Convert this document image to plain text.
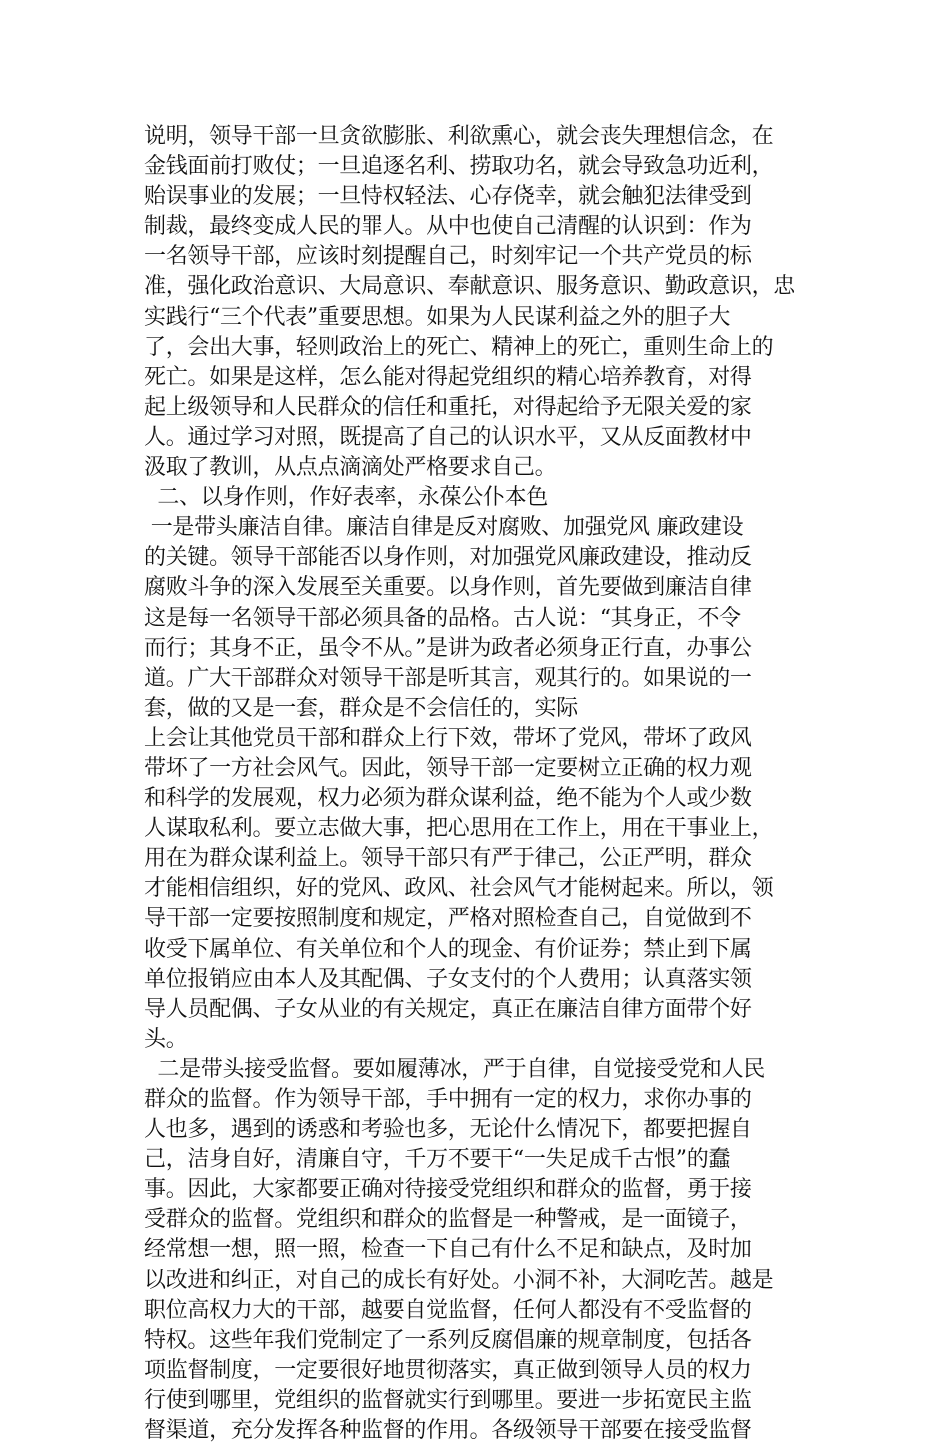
说明，领导干部一旦贪欲膨胀、利欲熏心，就会丧失理想信念，在
金钱面前打败仗；一旦追逐名利、捞取功名，就会导致急功近利，
贻误事业的发展；一旦恃权轻法、心存侥幸，就会触犯法律受到
制裁，最终变成人民的罪人。从中也使自己清醒的认识到：作为
一名领导干部，应该时刻提醒自己，时刻牢记一个共产党员的标
准，强化政治意识、大局意识、奉献意识、服务意识、勤政意识，忠
实践行“三个代表”重要思想。如果为人民谋利益之外的胆子大
了，会出大事，轻则政治上的死亡、精神上的死亡，重则生命上的
死亡。如果是这样，怎么能对得起党组织的精心培养教育，对得
起上级领导和人民群众的信任和重托，对得起给予无限关爱的家
人。通过学习对照，既提高了自己的认识水平，又从反面教材中
汲取了教训，从点点滴滴处严格要求自己。
二、以身作则，作好表率，永葆公仆本色
一是带头廉洁自律。廉洁自律是反对腐败、加强党风 廉政建设
的关键。领导干部能否以身作则，对加强党风廉政建设，推动反
腐败斗争的深入发展至关重要。以身作则，首先要做到廉洁自律
这是每一名领导干部必须具备的品格。古人说：“其身正，不令
而行；其身不正，虽令不从。”是讲为政者必须身正行直，办事公
道。广大干部群众对领导干部是听其言，观其行的。如果说的一
套，做的又是一套，群众是不会信任的，实际
上会让其他党员干部和群众上行下效，带坏了党风，带坏了政风
带坏了一方社会风气。因此，领导干部一定要树立正确的权力观
和科学的发展观，权力必须为群众谋利益，绝不能为个人或少数
人谋取私利。要立志做大事，把心思用在工作上，用在干事业上，
用在为群众谋利益上。领导干部只有严于律己，公正严明，群众
才能相信组织，好的党风、政风、社会风气才能树起来。所以，领
导干部一定要按照制度和规定，严格对照检查自己，自觉做到不
收受下属单位、有关单位和个人的现金、有价证券；禁止到下属
单位报销应由本人及其配偶、子女支付的个人费用；认真落实领
导人员配偶、子女从业的有关规定，真正在廉洁自律方面带个好
头。
二是带头接受监督。要如履薄冰，严于自律，自觉接受党和人民
群众的监督。作为领导干部，手中拥有一定的权力，求你办事的
人也多，遇到的诱惑和考验也多，无论什么情况下，都要把握自
己，洁身自好，清廉自守，千万不要干“一失足成千古恨”的蠢
事。因此，大家都要正确对待接受党组织和群众的监督，勇于接
受群众的监督。党组织和群众的监督是一种警戒，是一面镜子，
经常想一想，照一照，检查一下自己有什么不足和缺点，及时加
以改进和纠正，对自己的成长有好处。小洞不补，大洞吃苦。越是
职位高权力大的干部，越要自觉监督，任何人都没有不受监督的
特权。这些年我们党制定了一系列反腐倡廉的规章制度，包括各
项监督制度，一定要很好地贯彻落实，真正做到领导人员的权力
行使到哪里，党组织的监督就实行到哪里。要进一步拓宽民主监
督渠道，充分发挥各种监督的作用。各级领导干部要在接受监督
